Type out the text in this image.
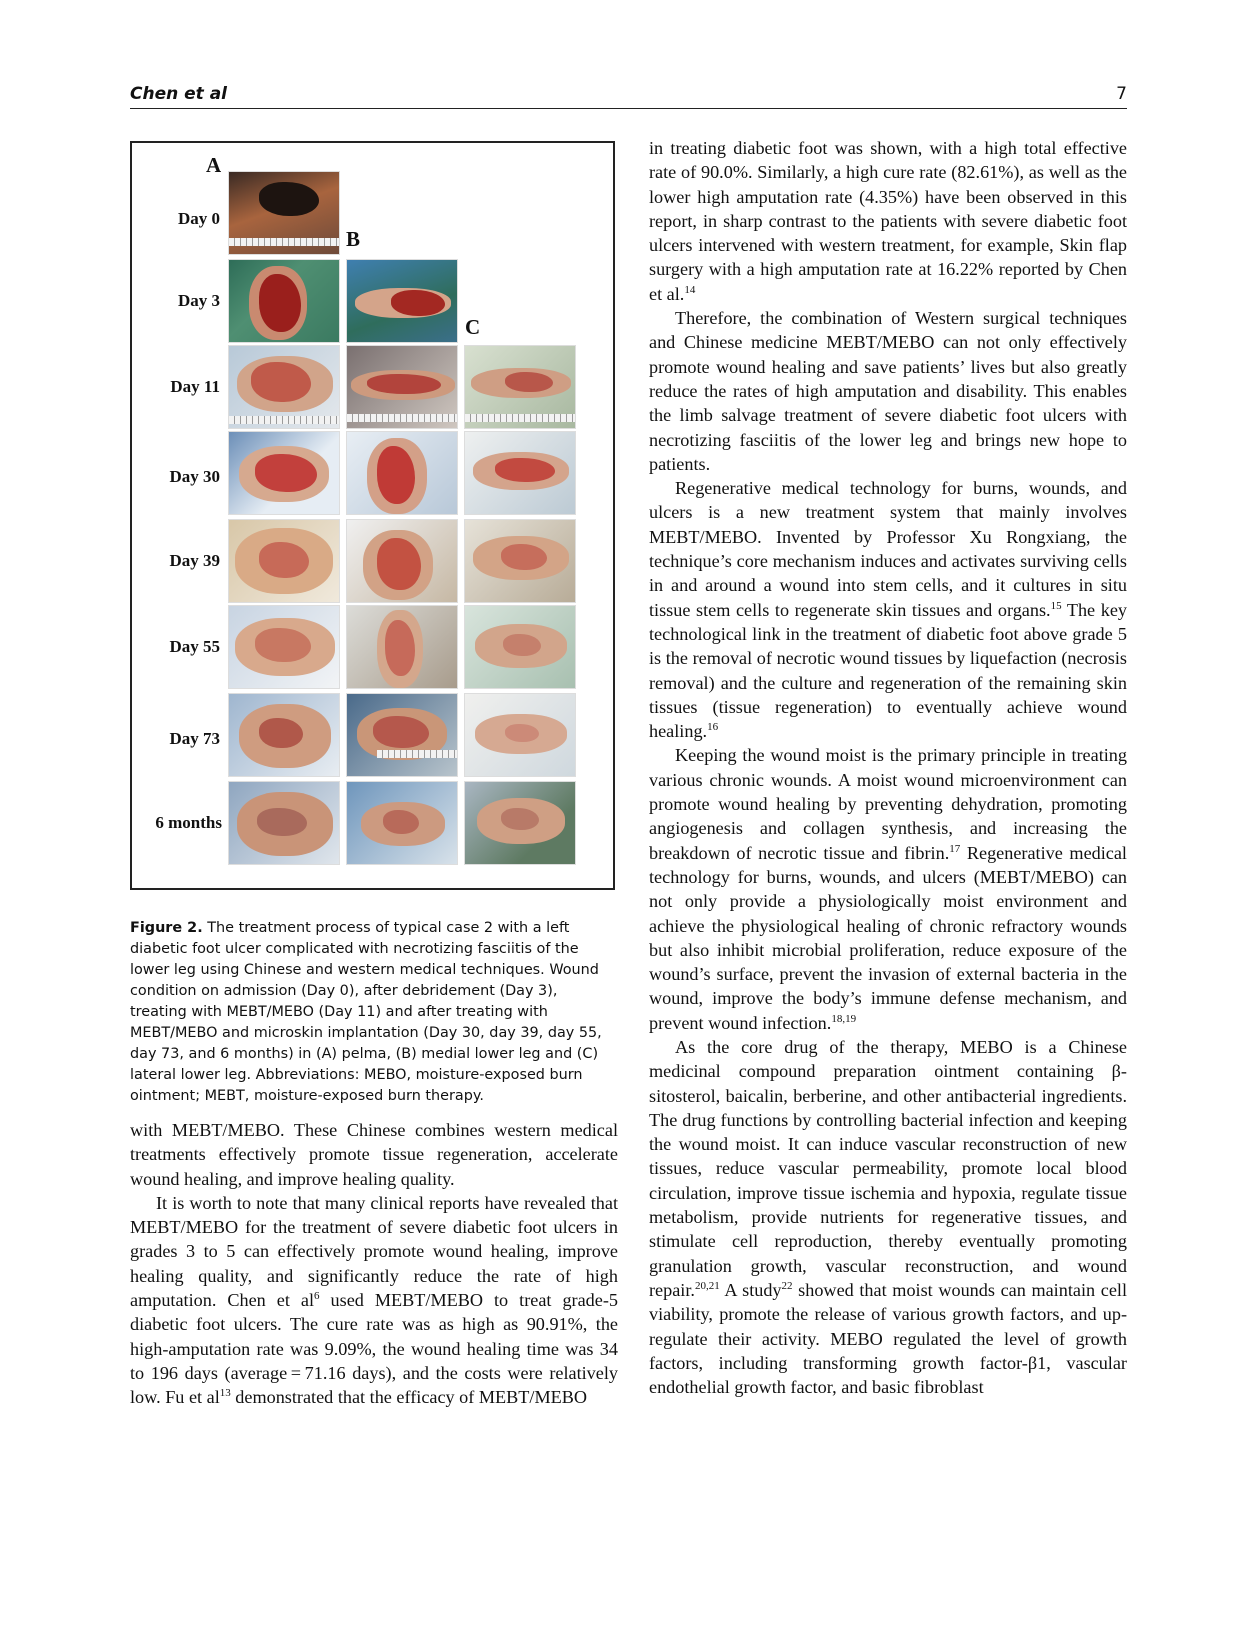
Chen et al	7
A
B
C
Day 0
Day 3
Day 11
Day 30
Day 39
Day 55
Day 73
6 months
Figure 2. The treatment process of typical case 2 with a left diabetic foot ulcer complicated with necrotizing fasciitis of the lower leg using Chinese and western medical techniques. Wound condition on admission (Day 0), after debridement (Day 3), treating with MEBT/MEBO (Day 11) and after treating with MEBT/MEBO and microskin implantation (Day 30, day 39, day 55, day 73, and 6 months) in (A) pelma, (B) medial lower leg and (C) lateral lower leg. Abbreviations: MEBO, moisture-exposed burn ointment; MEBT, moisture-exposed burn therapy.

with MEBT/MEBO. These Chinese combines western medical treatments effectively promote tissue regeneration, accelerate wound healing, and improve healing quality.

It is worth to note that many clinical reports have revealed that MEBT/MEBO for the treatment of severe diabetic foot ulcers in grades 3 to 5 can effectively promote wound healing, improve healing quality, and significantly reduce the rate of high amputation. Chen et $al^6$ used MEBT/MEBO to treat grade-5 diabetic foot ulcers. The cure rate was as high as 90.91%, the high-amputation rate was 9.09%, the wound healing time was 34 to 196 days (average = 71.16 days), and the costs were relatively low. Fu et $al^{13}$ demonstrated that the efficacy of MEBT/MEBO

in treating diabetic foot was shown, with a high total effective rate of 90.0%. Similarly, a high cure rate (82.61%), as well as the lower high amputation rate (4.35%) have been observed in this report, in sharp contrast to the patients with severe diabetic foot ulcers intervened with western treatment, for example, Skin flap surgery with a high amputation rate at 16.22% reported by Chen et al.$^{14}$

Therefore, the combination of Western surgical techniques and Chinese medicine MEBT/MEBO can not only effectively promote wound healing and save patients’ lives but also greatly reduce the rates of high amputation and disability. This enables the limb salvage treatment of severe diabetic foot ulcers with necrotizing fasciitis of the lower leg and brings new hope to patients.

Regenerative medical technology for burns, wounds, and ulcers is a new treatment system that mainly involves MEBT/MEBO. Invented by Professor Xu Rongxiang, the technique’s core mechanism induces and activates surviving cells in and around a wound into stem cells, and it cultures in situ tissue stem cells to regenerate skin tissues and organs.$^{15}$ The key technological link in the treatment of diabetic foot above grade 5 is the removal of necrotic wound tissues by liquefaction (necrosis removal) and the culture and regeneration of the remaining skin tissues (tissue regeneration) to eventually achieve wound healing.$^{16}$

Keeping the wound moist is the primary principle in treating various chronic wounds. A moist wound microenvironment can promote wound healing by preventing dehydration, promoting angiogenesis and collagen synthesis, and increasing the breakdown of necrotic tissue and fibrin.$^{17}$ Regenerative medical technology for burns, wounds, and ulcers (MEBT/MEBO) can not only provide a physiologically moist environment and achieve the physiological healing of chronic refractory wounds but also inhibit microbial proliferation, reduce exposure of the wound’s surface, prevent the invasion of external bacteria in the wound, improve the body’s immune defense mechanism, and prevent wound infection.$^{18,19}$

As the core drug of the therapy, MEBO is a Chinese medicinal compound preparation ointment containing β-sitosterol, baicalin, berberine, and other antibacterial ingredients. The drug functions by controlling bacterial infection and keeping the wound moist. It can induce vascular reconstruction of new tissues, reduce vascular permeability, promote local blood circulation, improve tissue ischemia and hypoxia, regulate tissue metabolism, provide nutrients for regenerative tissues, and stimulate cell reproduction, thereby eventually promoting granulation growth, vascular reconstruction, and wound repair.$^{20,21}$ A study$^{22}$ showed that moist wounds can maintain cell viability, promote the release of various growth factors, and up-regulate their activity. MEBO regulated the level of growth factors, including transforming growth factor-β1, vascular endothelial growth factor, and basic fibroblast
